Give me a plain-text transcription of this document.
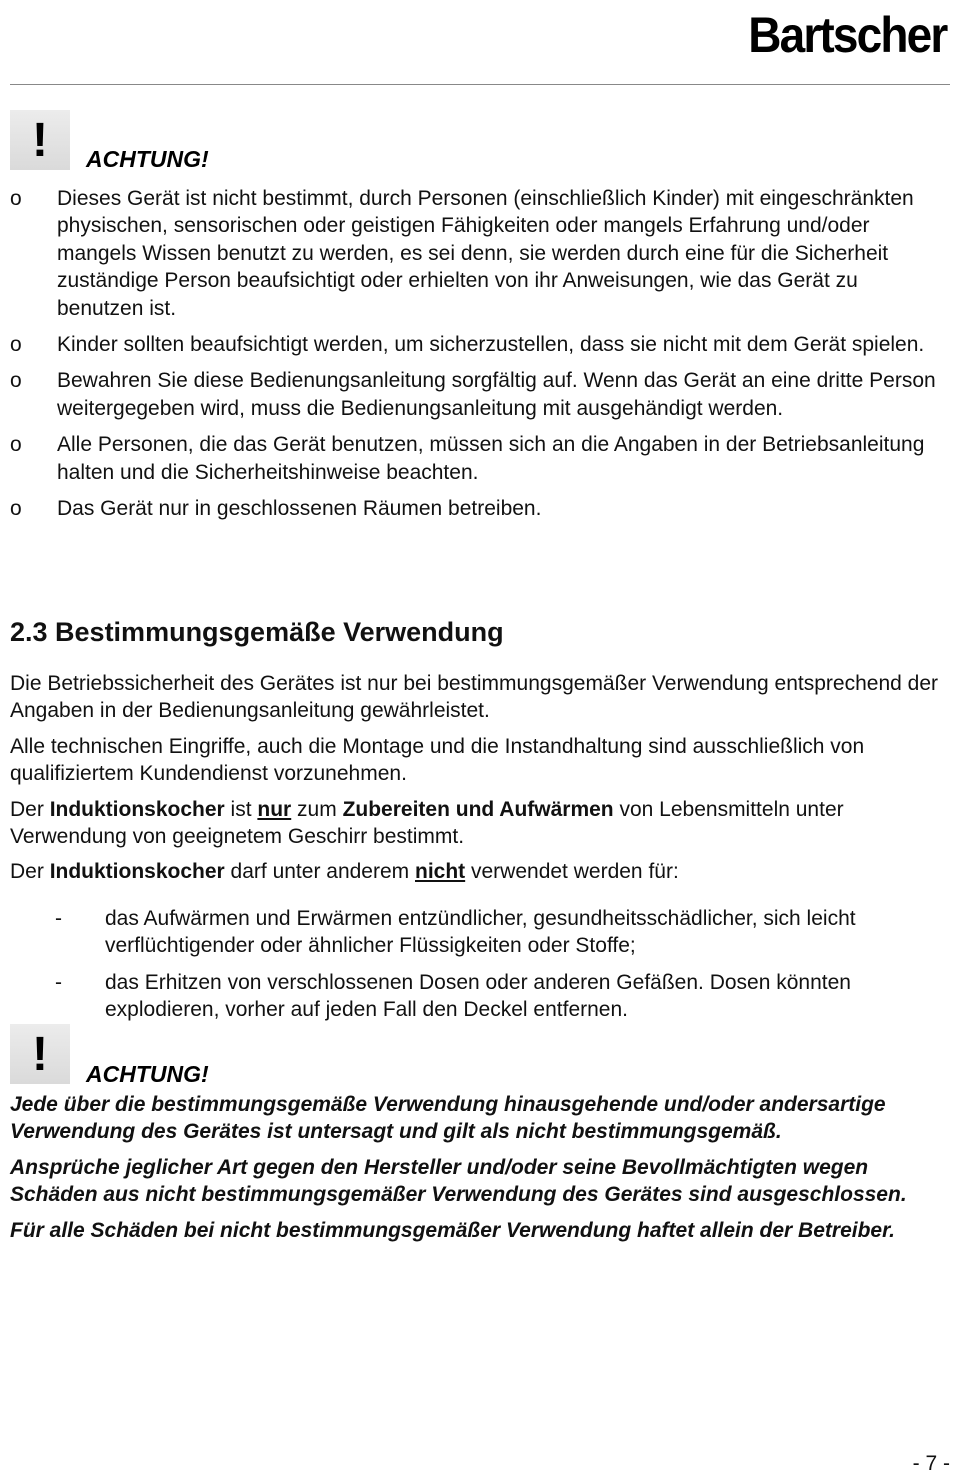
Bartscher
! ACHTUNG!
o	Dieses Gerät ist nicht bestimmt, durch Personen (einschließlich Kinder) mit eingeschränkten physischen, sensorischen oder geistigen Fähigkeiten oder mangels Erfahrung und/oder mangels Wissen benutzt zu werden, es sei denn, sie werden durch eine für die Sicherheit zuständige Person beaufsichtigt oder erhielten von ihr Anweisungen, wie das Gerät zu benutzen ist.
o	Kinder sollten beaufsichtigt werden, um sicherzustellen, dass sie nicht mit dem Gerät spielen.
o	Bewahren Sie diese Bedienungsanleitung sorgfältig auf. Wenn das Gerät an eine dritte Person weitergegeben wird, muss die Bedienungsanleitung mit ausgehändigt werden.
o	Alle Personen, die das Gerät benutzen, müssen sich an die Angaben in der Betriebsanleitung halten und die Sicherheitshinweise beachten.
o	Das Gerät nur in geschlossenen Räumen betreiben.
2.3 Bestimmungsgemäße Verwendung

Die Betriebssicherheit des Gerätes ist nur bei bestimmungsgemäßer Verwendung entsprechend der Angaben in der Bedienungsanleitung gewährleistet.

Alle technischen Eingriffe, auch die Montage und die Instandhaltung sind ausschließlich von qualifiziertem Kundendienst vorzunehmen.

Der Induktionskocher ist nur zum Zubereiten und Aufwärmen von Lebensmitteln unter Verwendung von geeignetem Geschirr bestimmt.

Der Induktionskocher darf unter anderem nicht verwendet werden für:

- das Aufwärmen und Erwärmen entzündlicher, gesundheitsschädlicher, sich leicht verflüchtigender oder ähnlicher Flüssigkeiten oder Stoffe;
- das Erhitzen von verschlossenen Dosen oder anderen Gefäßen. Dosen könnten explodieren, vorher auf jeden Fall den Deckel entfernen.
! ACHTUNG!

Jede über die bestimmungsgemäße Verwendung hinausgehende und/oder andersartige Verwendung des Gerätes ist untersagt und gilt als nicht bestimmungsgemäß.

Ansprüche jeglicher Art gegen den Hersteller und/oder seine Bevollmächtigten wegen Schäden aus nicht bestimmungsgemäßer Verwendung des Gerätes sind ausgeschlossen.

Für alle Schäden bei nicht bestimmungsgemäßer Verwendung haftet allein der Betreiber.

- 7 -
